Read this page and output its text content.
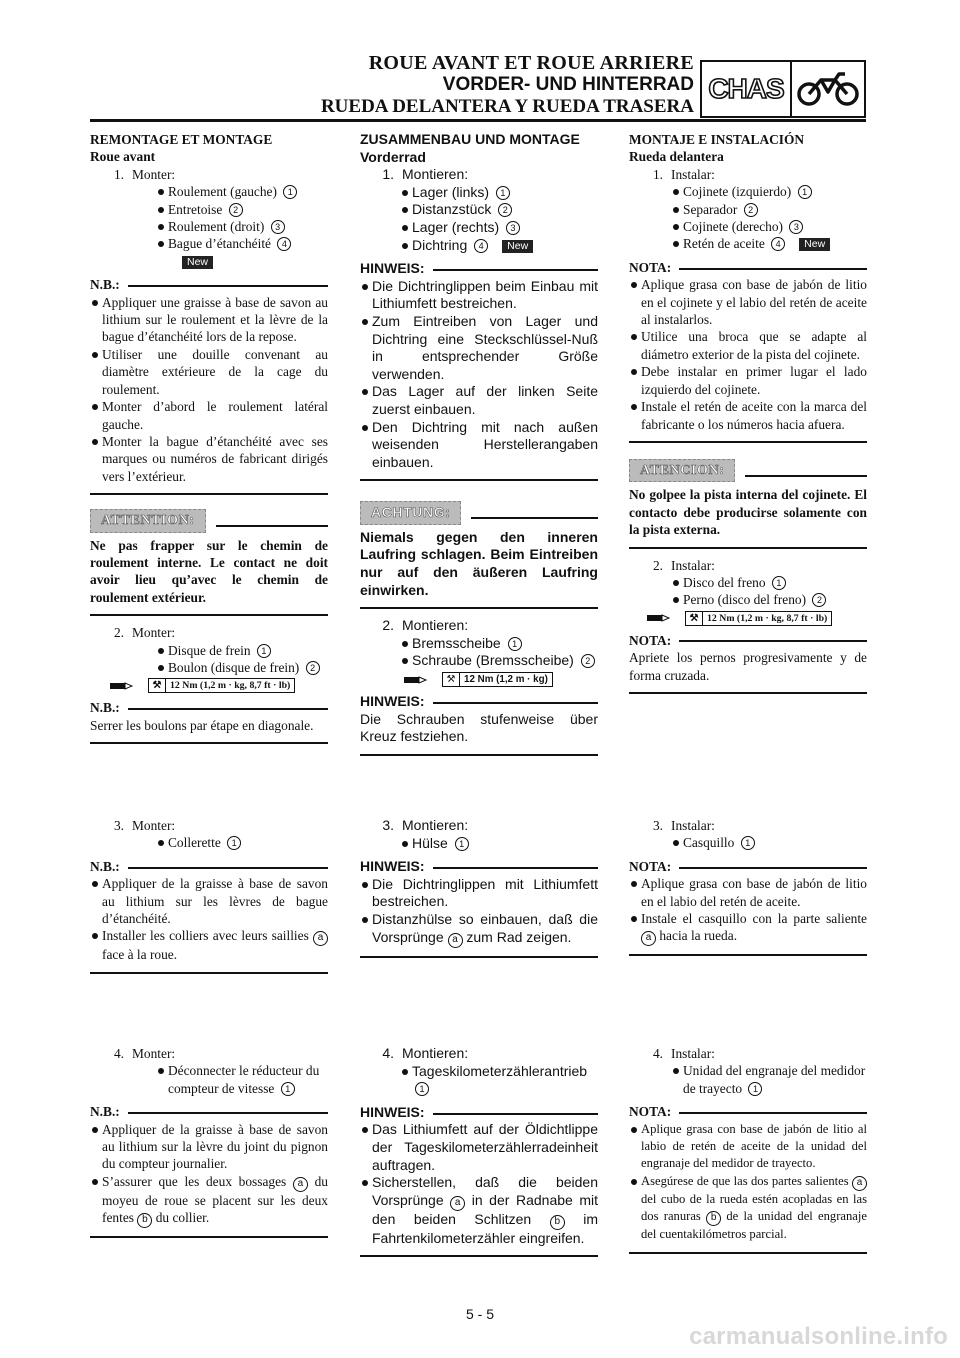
ROUE AVANT ET ROUE ARRIERE
VORDER- UND HINTERRAD
RUEDA DELANTERA Y RUEDA TRASERA
CHAS
REMONTAGE ET MONTAGE
Roue avant
1. Monter:
Roulement (gauche) 1
Entretoise 2
Roulement (droit) 3
Bague d’étanchéité 4New
N.B.:
Appliquer une graisse à base de savon au lithium sur le roulement et la lèvre de la bague d’étanchéité lors de la repose.
Utiliser une douille convenant au diamètre extérieure de la cage du roulement.
Monter d’abord le roulement latéral gauche.
Monter la bague d’étanchéité avec ses marques ou numéros de fabricant dirigés vers l’extérieur.
ATTENTION:
Ne pas frapper sur le chemin de roulement interne. Le contact ne doit avoir lieu qu’avec le chemin de roulement extérieur.
2. Monter:
Disque de frein 1
Boulon (disque de frein) 2
⚒ 12 Nm (1,2 m · kg, 8,7 ft · lb)
N.B.:
Serrer les boulons par étape en diagonale.
3. Monter:
Collerette 1
N.B.:
Appliquer de la graisse à base de savon au lithium sur les lèvres de bague d’étanchéité.
Installer les colliers avec leurs saillies a face à la roue.
4. Monter:
Déconnecter le réducteur du compteur de vitesse 1
N.B.:
Appliquer de la graisse à base de savon au lithium sur la lèvre du joint du pignon du compteur journalier.
S’assurer que les deux bossages a du moyeu de roue se placent sur les deux fentes b du collier.
ZUSAMMENBAU UND MONTAGE
Vorderrad
1. Montieren:
Lager (links) 1
Distanzstück 2
Lager (rechts) 3
Dichtring 4 New
HINWEIS:
Die Dichtringlippen beim Einbau mit Lithiumfett bestreichen.
Zum Eintreiben von Lager und Dichtring eine Steckschlüssel-Nuß in entsprechender Größe verwenden.
Das Lager auf der linken Seite zuerst einbauen.
Den Dichtring mit nach außen weisenden Herstellerangaben einbauen.
ACHTUNG:
Niemals gegen den inneren Laufring schlagen. Beim Eintreiben nur auf den äußeren Laufring einwirken.
2. Montieren:
Bremsscheibe 1
Schraube (Bremsscheibe) 2
⚒ 12 Nm (1,2 m · kg)
HINWEIS:
Die Schrauben stufenweise über Kreuz festziehen.
3. Montieren:
Hülse 1
HINWEIS:
Die Dichtringlippen mit Lithiumfett bestreichen.
Distanzhülse so einbauen, daß die Vorsprünge a zum Rad zeigen.
4. Montieren:
Tageskilometerzählerantrieb 1
HINWEIS:
Das Lithiumfett auf der Öldichtlippe der Tageskilometerzählerradeinheit auftragen.
Sicherstellen, daß die beiden Vorsprünge a in der Radnabe mit den beiden Schlitzen b im Fahrtenkilometerzähler eingreifen.
MONTAJE E INSTALACIÓN
Rueda delantera
1. Instalar:
Cojinete (izquierdo) 1
Separador 2
Cojinete (derecho) 3
Retén de aceite 4 New
NOTA:
Aplique grasa con base de jabón de litio en el cojinete y el labio del retén de aceite al instalarlos.
Utilice una broca que se adapte al diámetro exterior de la pista del cojinete.
Debe instalar en primer lugar el lado izquierdo del cojinete.
Instale el retén de aceite con la marca del fabricante o los números hacia afuera.
ATENCION:
No golpee la pista interna del cojinete. El contacto debe producirse solamente con la pista externa.
2. Instalar:
Disco del freno 1
Perno (disco del freno) 2
⚒ 12 Nm (1,2 m · kg, 8,7 ft · lb)
NOTA:
Apriete los pernos progresivamente y de forma cruzada.
3. Instalar:
Casquillo 1
NOTA:
Aplique grasa con base de jabón de litio en el labio del retén de aceite.
Instale el casquillo con la parte saliente a hacia la rueda.
4. Instalar:
Unidad del engranaje del medidor de trayecto 1
NOTA:
Aplique grasa con base de jabón de litio al labio de retén de aceite de la unidad del engranaje del medidor de trayecto.
Asegúrese de que las dos partes salientes a del cubo de la rueda estén acopladas en las dos ranuras b de la unidad del engranaje del cuentakilómetros parcial.
5 - 5
carmanualsonline.info
